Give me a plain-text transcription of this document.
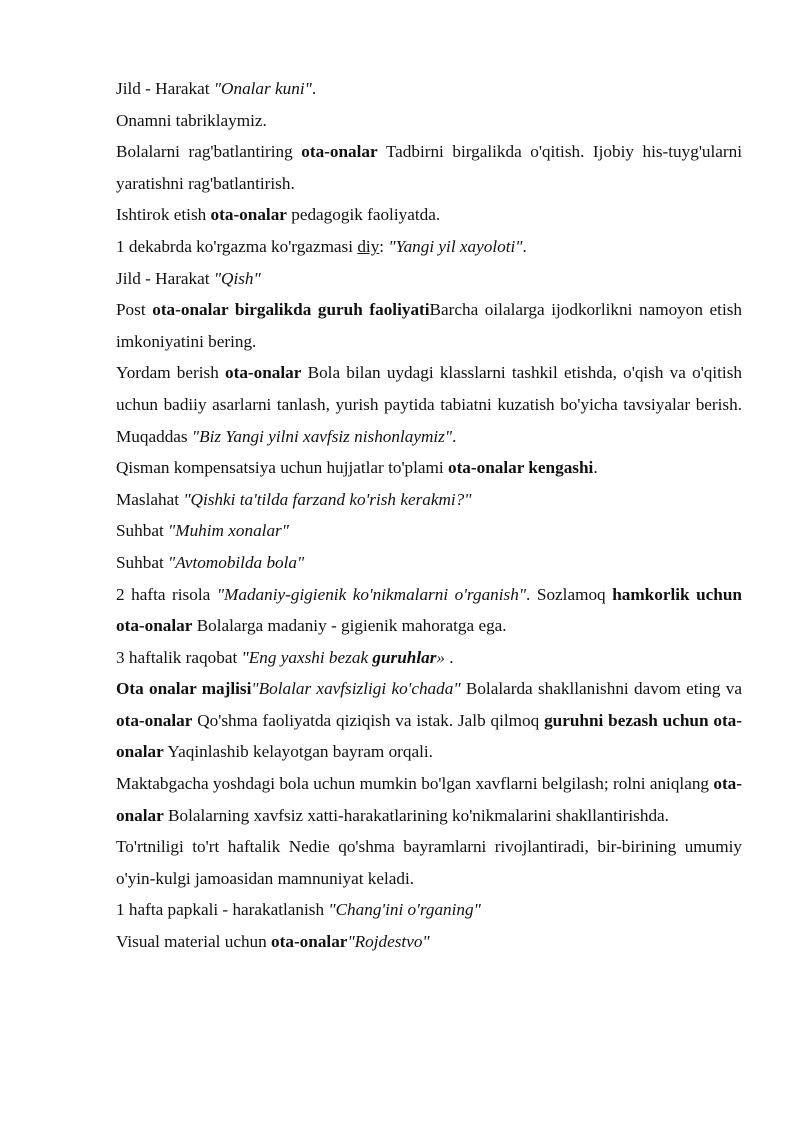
Jild - Harakat "Onalar kuni".

Onamni tabriklaymiz.

Bolalarni rag'batlantiring ota-onalar Tadbirni birgalikda o'qitish. Ijobiy his-tuyg'ularni yaratishni rag'batlantirish.

Ishtirok etish ota-onalar pedagogik faoliyatda.

1 dekabrda ko'rgazma ko'rgazmasi diy: "Yangi yil xayoloti".

Jild - Harakat "Qish"

Post ota-onalar birgalikda guruh faoliyatiBarcha oilalarga ijodkorlikni namoyon etish imkoniyatini bering.

Yordam berish ota-onalar Bola bilan uydagi klasslarni tashkil etishda, o'qish va o'qitish uchun badiiy asarlarni tanlash, yurish paytida tabiatni kuzatish bo'yicha tavsiyalar berish. Muqaddas "Biz Yangi yilni xavfsiz nishonlaymiz".

Qisman kompensatsiya uchun hujjatlar to'plami ota-onalar kengashi.

Maslahat "Qishki ta'tilda farzand ko'rish kerakmi?"

Suhbat "Muhim xonalar"

Suhbat "Avtomobilda bola"

2 hafta risola "Madaniy-gigienik ko'nikmalarni o'rganish". Sozlamoq hamkorlik uchun ota-onalar Bolalarga madaniy - gigienik mahoratga ega.

3 haftalik raqobat "Eng yaxshi bezak guruhlar» .

Ota onalar majlisi"Bolalar xavfsizligi ko'chada" Bolalarda shakllanishni davom eting va ota-onalar Qo'shma faoliyatda qiziqish va istak. Jalb qilmoq guruhni bezash uchun ota-onalar Yaqinlashib kelayotgan bayram orqali.

Maktabgacha yoshdagi bola uchun mumkin bo'lgan xavflarni belgilash; rolni aniqlang ota-onalar Bolalarning xavfsiz xatti-harakatlarining ko'nikmalarini shakllantirishda.

To'rtniligi to'rt haftalik Nedie qo'shma bayramlarni rivojlantiradi, bir-birining umumiy o'yin-kulgi jamoasidan mamnuniyat keladi.

1 hafta papkali - harakatlanish "Chang'ini o'rganing"

Visual material uchun ota-onalar"Rojdestvo"
